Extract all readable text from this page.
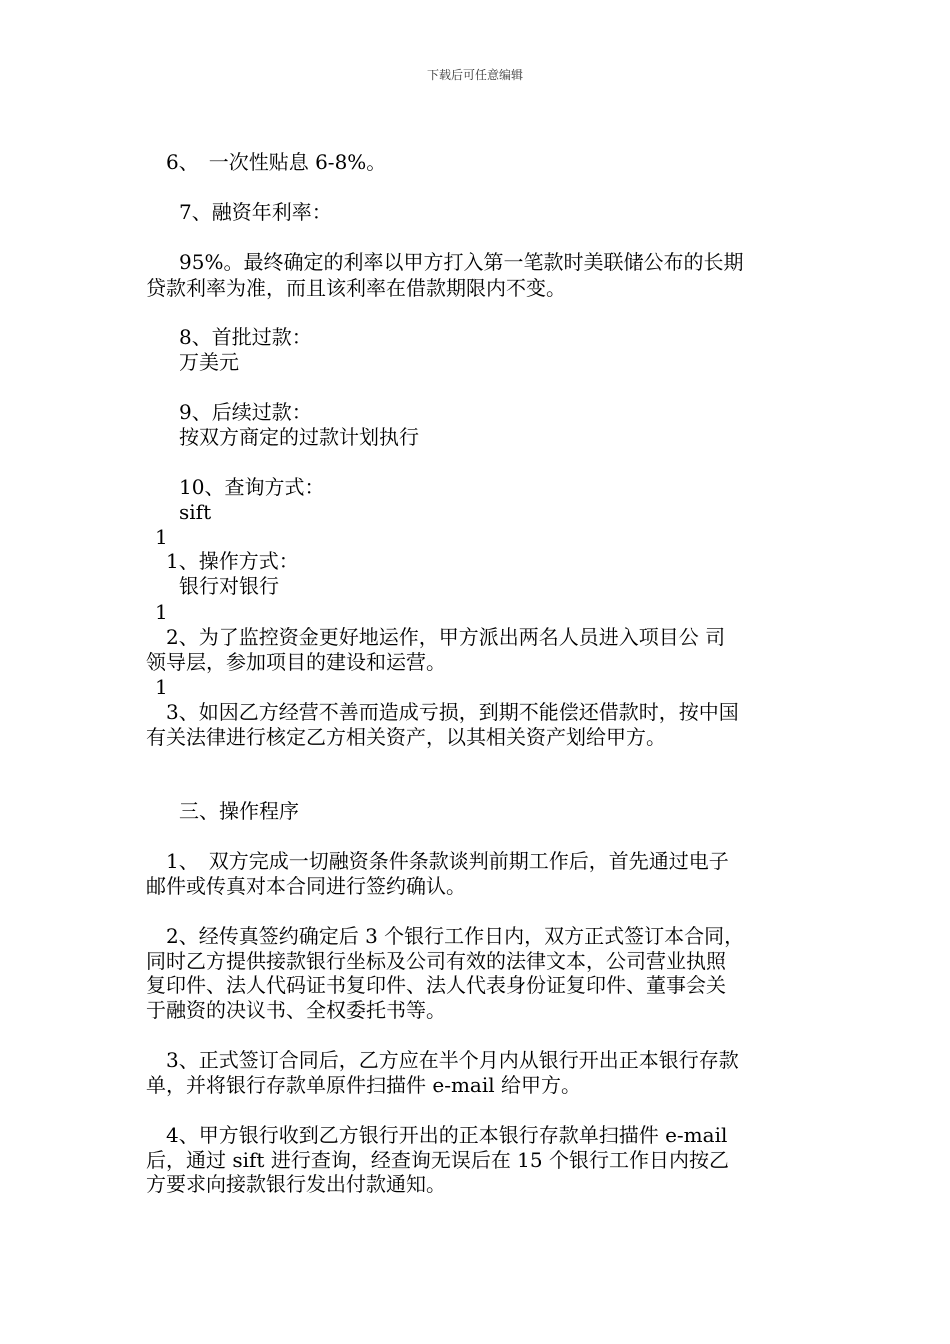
下载后可任意编辑
6、　一次性贴息 6-8%。
7、融资年利率：
95%。最终确定的利率以甲方打入第一笔款时美联储公布的长期
贷款利率为准，而且该利率在借款期限内不变。
8、首批过款：
万美元
9、后续过款：
按双方商定的过款计划执行
10、查询方式：
sift
1
1、操作方式：
银行对银行
1
2、为了监控资金更好地运作，甲方派出两名人员进入项目公 司
领导层，参加项目的建设和运营。
1
3、如因乙方经营不善而造成亏损，到期不能偿还借款时，按中国
有关法律进行核定乙方相关资产，以其相关资产划给甲方。
三、操作程序
1、　双方完成一切融资条件条款谈判前期工作后，首先通过电子
邮件或传真对本合同进行签约确认。
2、经传真签约确定后 3 个银行工作日内，双方正式签订本合同，
同时乙方提供接款银行坐标及公司有效的法律文本，公司营业执照
复印件、法人代码证书复印件、法人代表身份证复印件、董事会关
于融资的决议书、全权委托书等。
3、正式签订合同后，乙方应在半个月内从银行开出正本银行存款
单，并将银行存款单原件扫描件 e-mail 给甲方。
4、甲方银行收到乙方银行开出的正本银行存款单扫描件 e-mail
后，通过 sift 进行查询，经查询无误后在 15 个银行工作日内按乙
方要求向接款银行发出付款通知。
